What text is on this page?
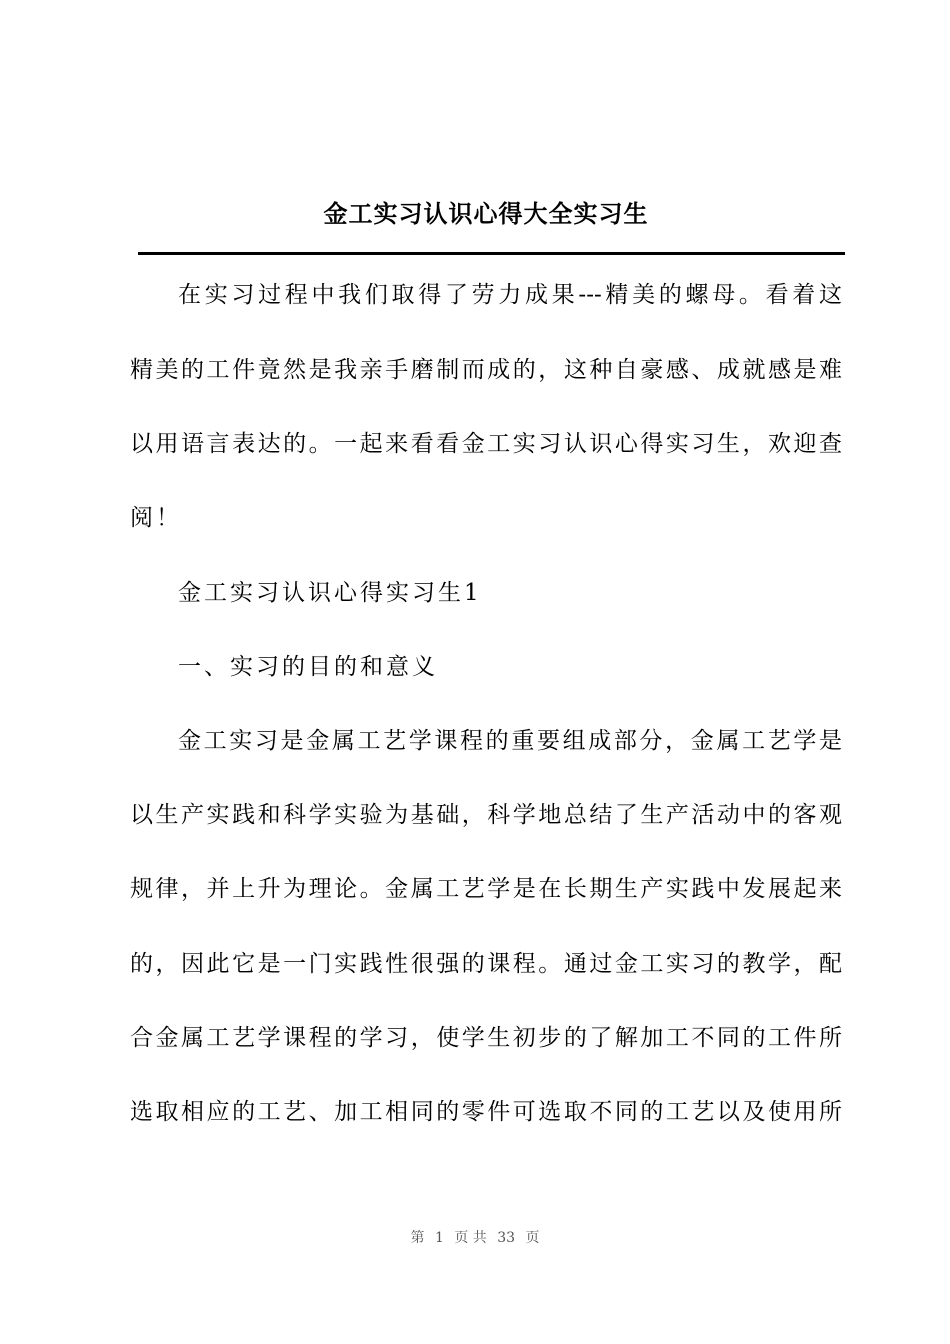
金工实习认识心得大全实习生
在实习过程中我们取得了劳力成果---精美的螺母。看着这
精美的工件竟然是我亲手磨制而成的，这种自豪感、成就感是难
以用语言表达的。一起来看看金工实习认识心得实习生，欢迎查
阅！
金工实习认识心得实习生1
一、实习的目的和意义
金工实习是金属工艺学课程的重要组成部分，金属工艺学是
以生产实践和科学实验为基础，科学地总结了生产活动中的客观
规律，并上升为理论。金属工艺学是在长期生产实践中发展起来
的，因此它是一门实践性很强的课程。通过金工实习的教学，配
合金属工艺学课程的学习，使学生初步的了解加工不同的工件所
选取相应的工艺、加工相同的零件可选取不同的工艺以及使用所
第 1 页 共 33 页
